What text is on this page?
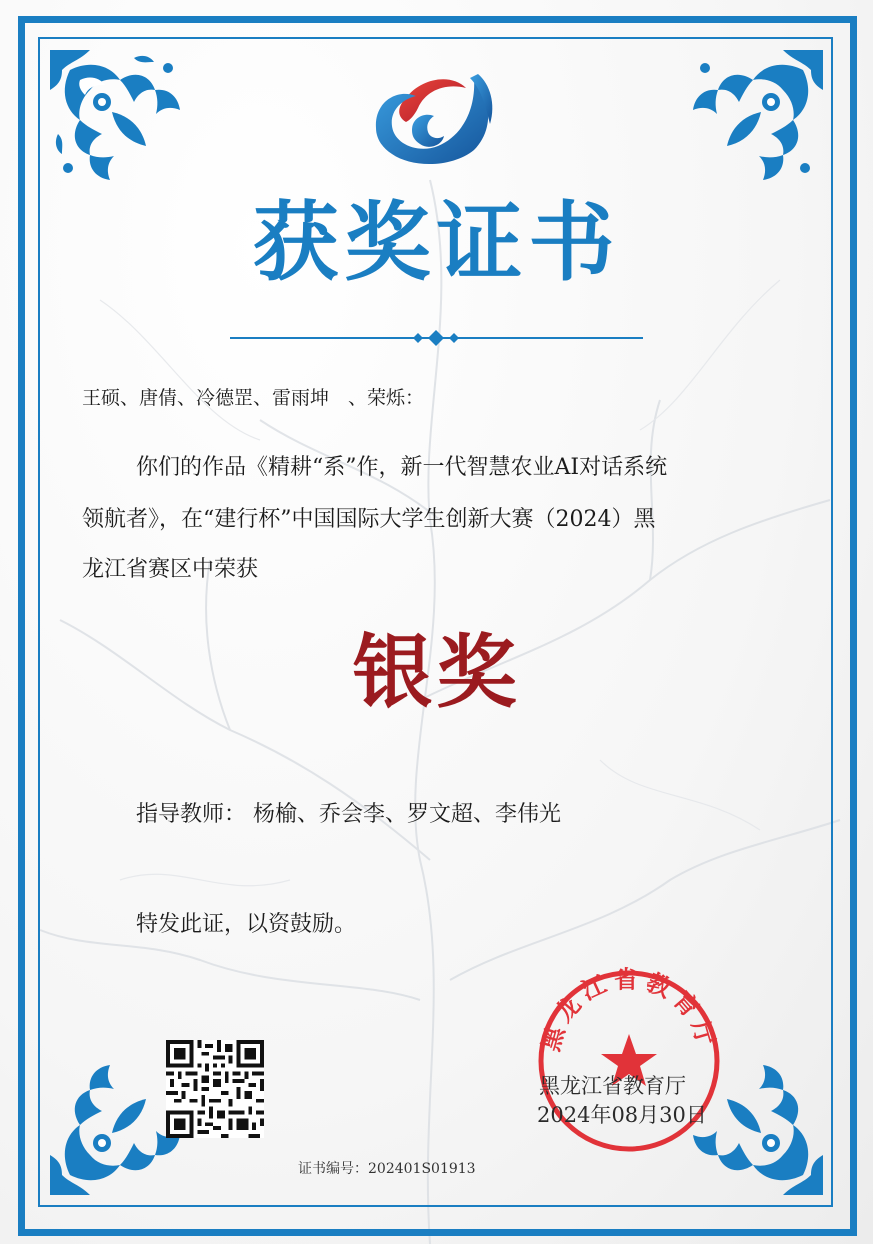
获奖证书
王硕、唐倩、冷德罡、雷雨坤　、荣烁：
你们的作品《精耕“系”作，新一代智慧农业AI对话系统
领航者》，在“建行杯”中国国际大学生创新大赛（2024）黑
龙江省赛区中荣获
银奖
指导教师： 杨榆、乔会李、罗文超、李伟光
特发此证，以资鼓励。
黑龙江省教育厅
黑龙江省教育厅
2024年08月30日
证书编号：202401S01913
